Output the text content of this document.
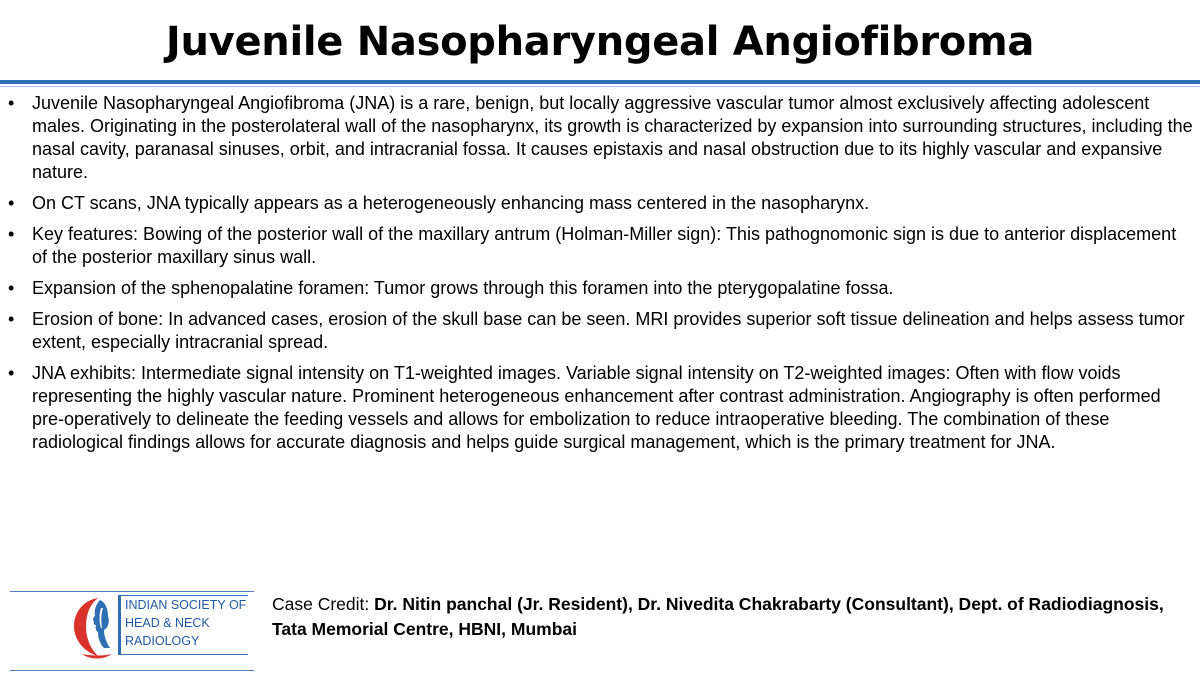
Juvenile Nasopharyngeal Angiofibroma
• Juvenile Nasopharyngeal Angiofibroma (JNA) is a rare, benign, but locally aggressive vascular tumor almost exclusively affecting adolescent males. Originating in the posterolateral wall of the nasopharynx, its growth is characterized by expansion into surrounding structures, including the nasal cavity, paranasal sinuses, orbit, and intracranial fossa. It causes epistaxis and nasal obstruction due to its highly vascular and expansive nature.
• On CT scans, JNA typically appears as a heterogeneously enhancing mass centered in the nasopharynx.
• Key features: Bowing of the posterior wall of the maxillary antrum (Holman-Miller sign): This pathognomonic sign is due to anterior displacement of the posterior maxillary sinus wall.
• Expansion of the sphenopalatine foramen: Tumor grows through this foramen into the pterygopalatine fossa.
• Erosion of bone: In advanced cases, erosion of the skull base can be seen. MRI provides superior soft tissue delineation and helps assess tumor extent, especially intracranial spread.
• JNA exhibits: Intermediate signal intensity on T1-weighted images. Variable signal intensity on T2-weighted images: Often with flow voids representing the highly vascular nature. Prominent heterogeneous enhancement after contrast administration. Angiography is often performed pre-operatively to delineate the feeding vessels and allows for embolization to reduce intraoperative bleeding. The combination of these radiological findings allows for accurate diagnosis and helps guide surgical management, which is the primary treatment for JNA.
INDIAN SOCIETY OF
HEAD & NECK
RADIOLOGY
Case Credit: Dr. Nitin panchal (Jr. Resident), Dr. Nivedita Chakrabarty (Consultant), Dept. of Radiodiagnosis, Tata Memorial Centre, HBNI, Mumbai
